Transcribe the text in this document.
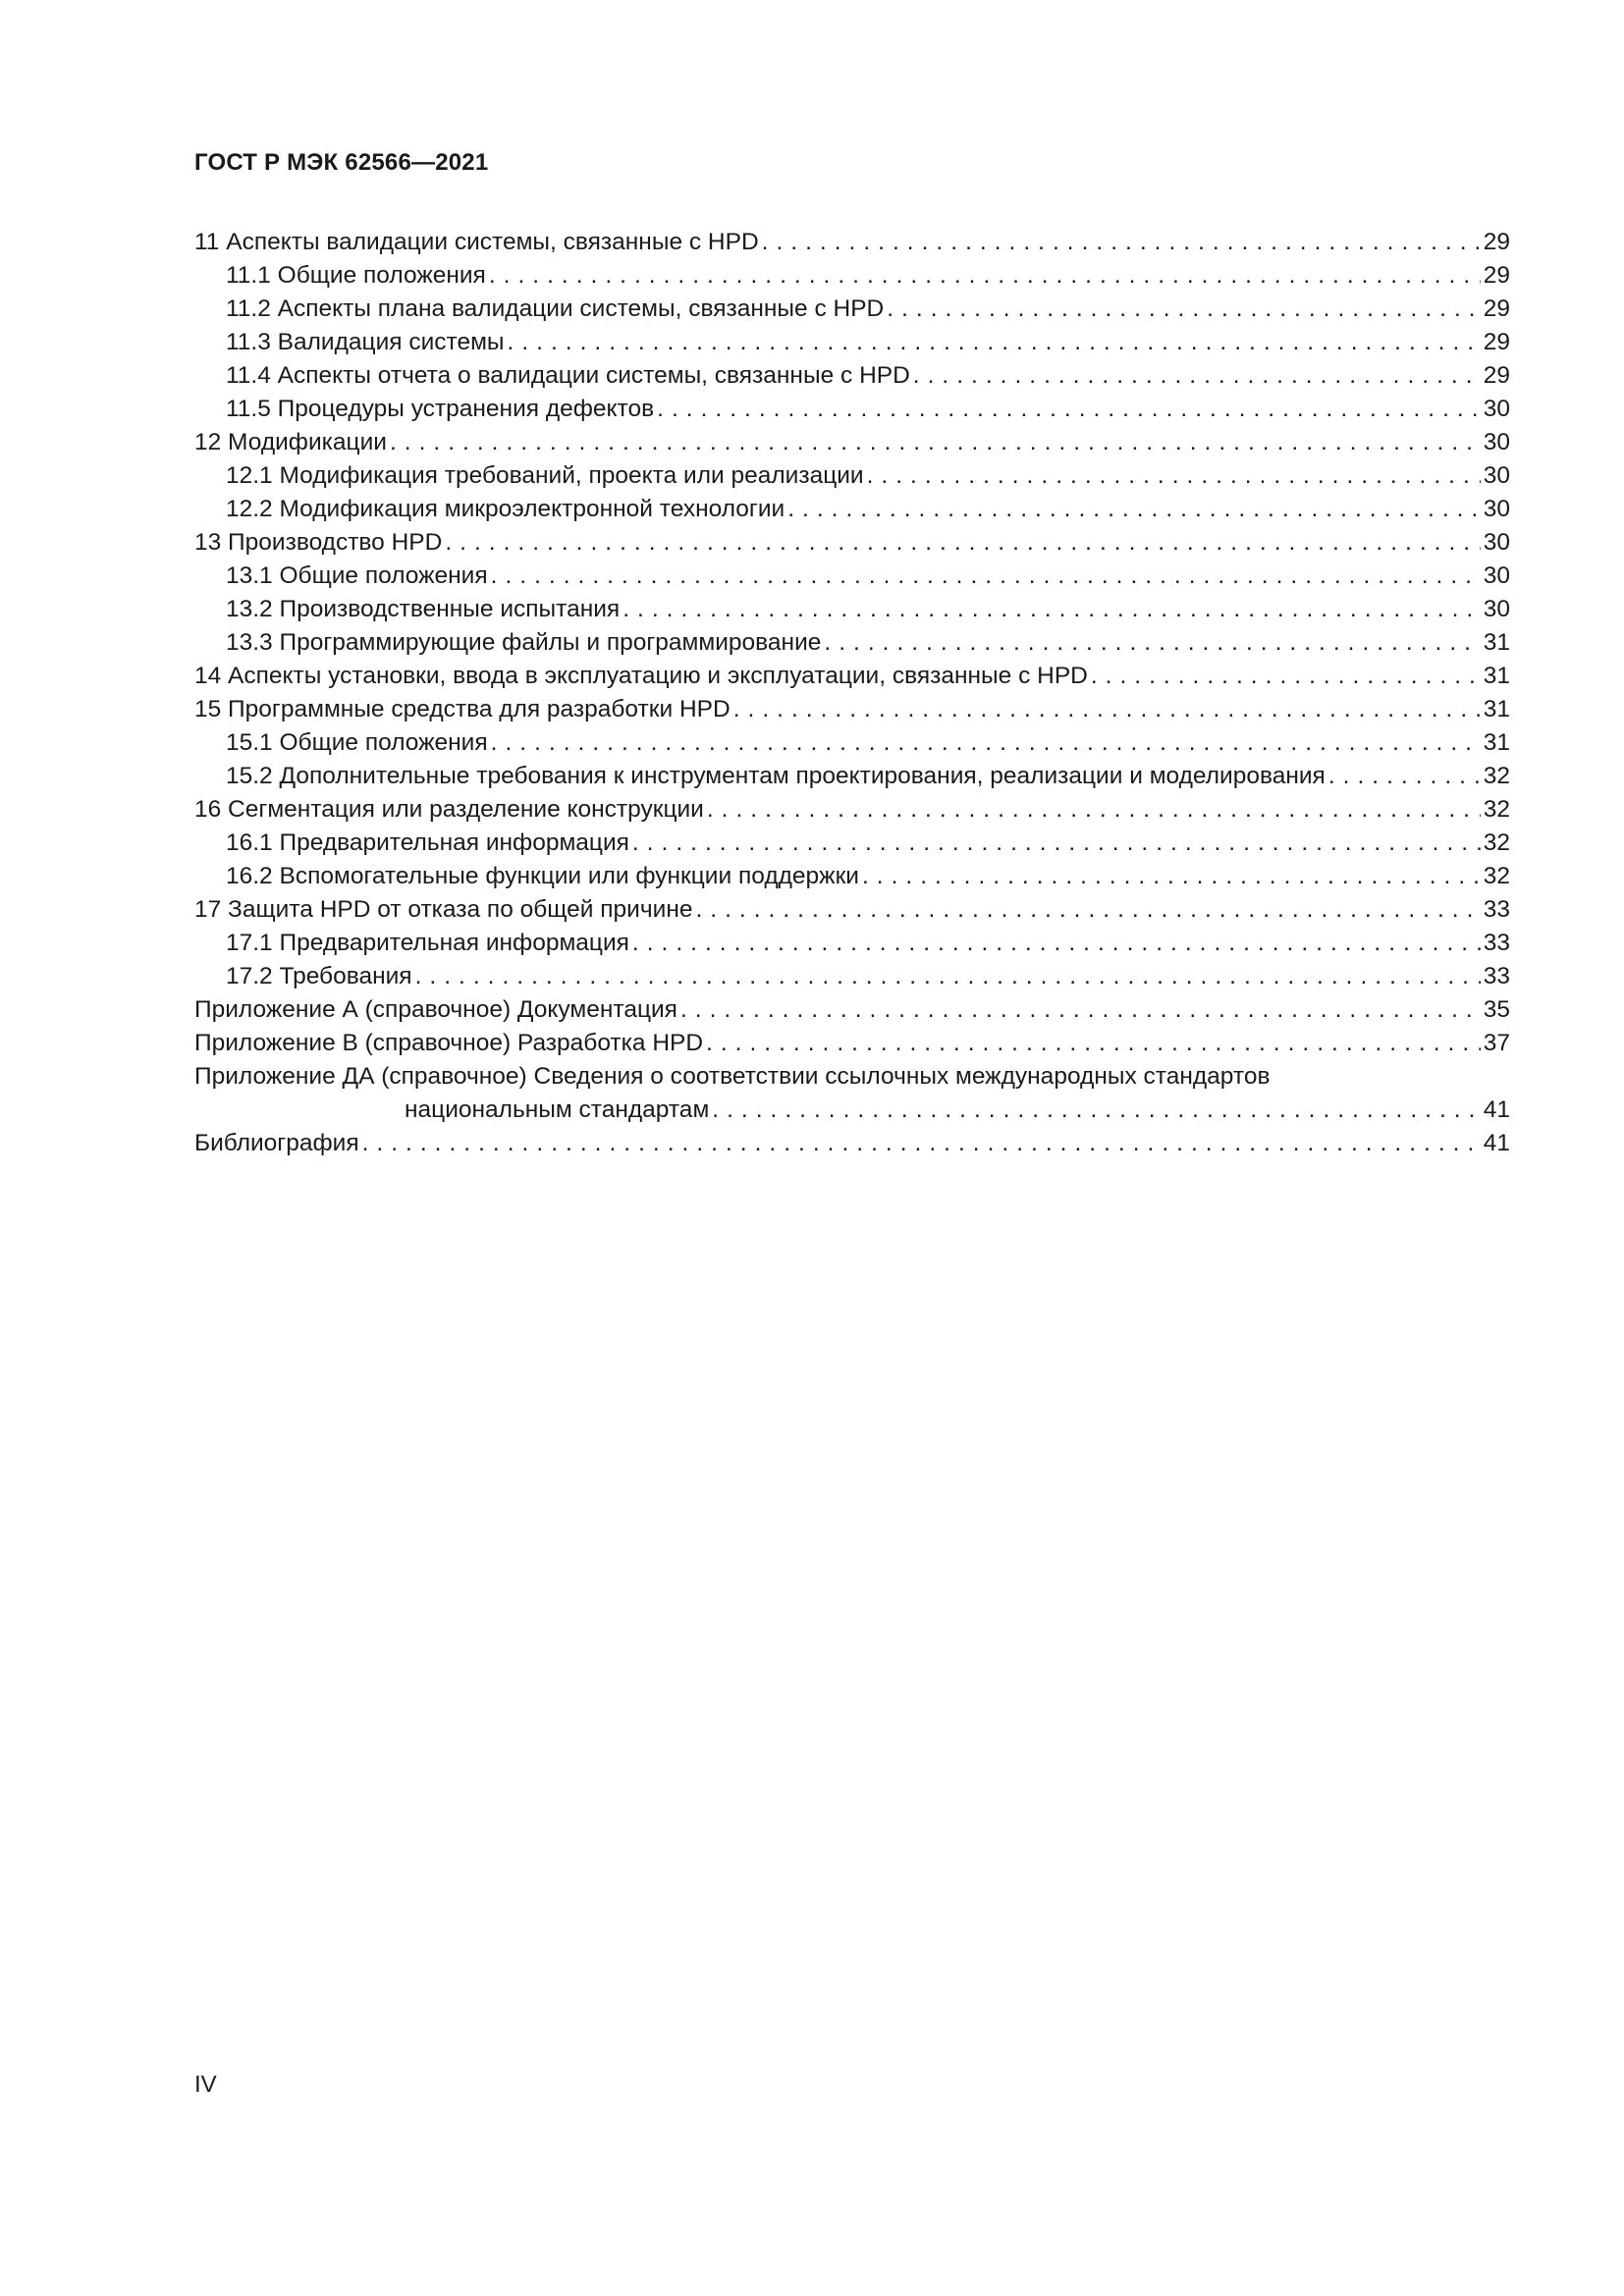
ГОСТ Р МЭК 62566—2021
11 Аспекты валидации системы, связанные с HPD . . .	29
11.1 Общие положения . . .	29
11.2 Аспекты плана валидации системы, связанные с HPD . . .	29
11.3 Валидация системы . . .	29
11.4 Аспекты отчета о валидации системы, связанные с HPD . . .	29
11.5 Процедуры устранения дефектов . . .	30
12 Модификации . . .	30
12.1 Модификация требований, проекта или реализации . . .	30
12.2 Модификация микроэлектронной технологии . . .	30
13 Производство HPD . . .	30
13.1 Общие положения . . .	30
13.2 Производственные испытания . . .	30
13.3 Программирующие файлы и программирование . . .	31
14 Аспекты установки, ввода в эксплуатацию и эксплуатации, связанные с HPD . . .	31
15 Программные средства для разработки HPD . . .	31
15.1 Общие положения . . .	31
15.2 Дополнительные требования к инструментам проектирования, реализации и моделирования . . .	32
16 Сегментация или разделение конструкции . . .	32
16.1 Предварительная информация . . .	32
16.2 Вспомогательные функции или функции поддержки . . .	32
17 Защита HPD от отказа по общей причине . . .	33
17.1 Предварительная информация . . .	33
17.2 Требования . . .	33
Приложение А (справочное) Документация . . .	35
Приложение В (справочное) Разработка HPD . . .	37
Приложение ДА (справочное) Сведения о соответствии ссылочных международных стандартов
национальным стандартам . . .	41
Библиография . . .	41
IV
